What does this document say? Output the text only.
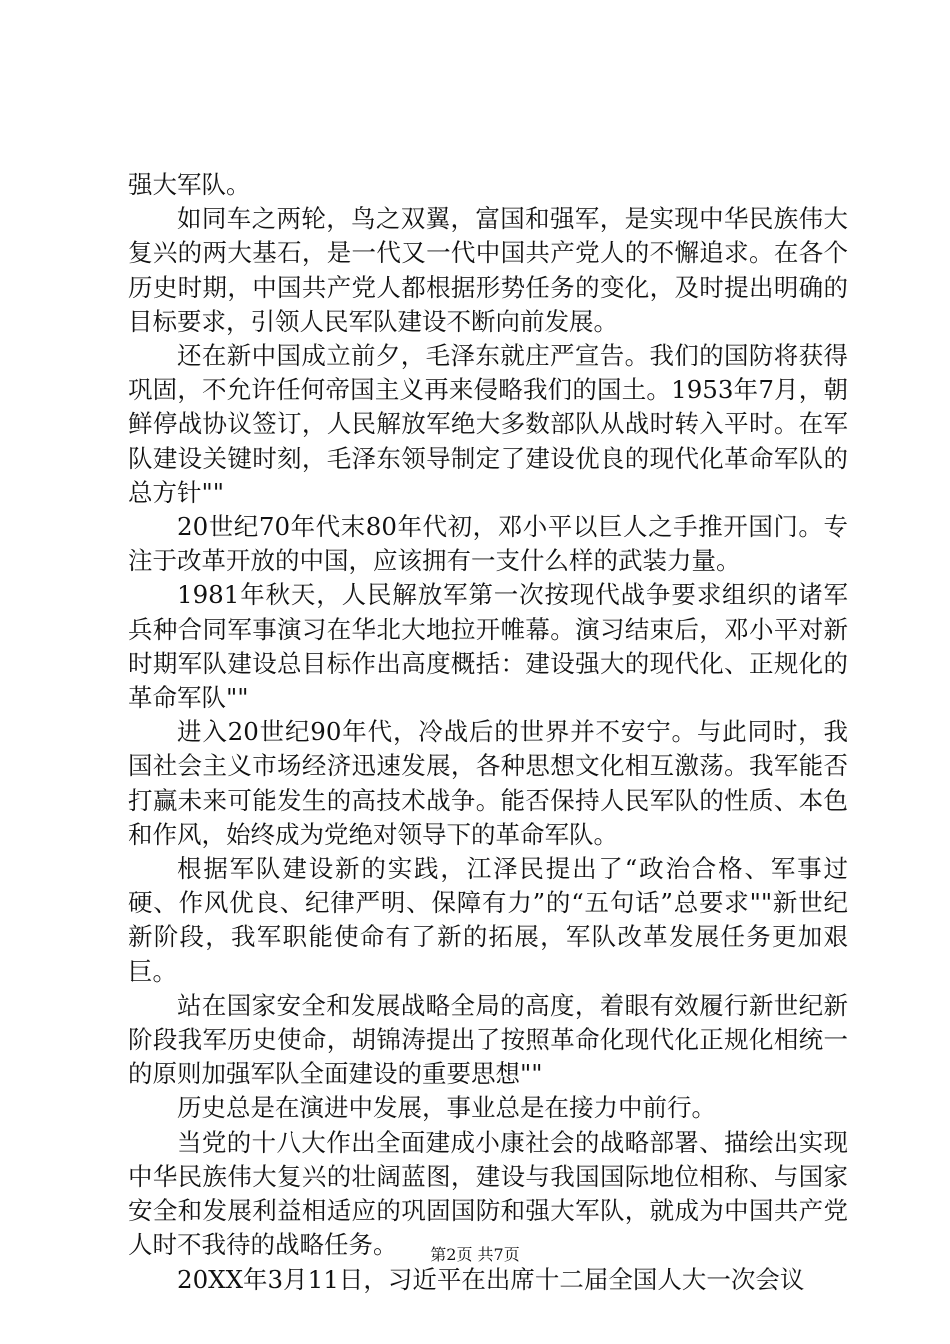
强大军队。

如同车之两轮，鸟之双翼，富国和强军，是实现中华民族伟大复兴的两大基石，是一代又一代中国共产党人的不懈追求。在各个历史时期，中国共产党人都根据形势任务的变化，及时提出明确的目标要求，引领人民军队建设不断向前发展。

还在新中国成立前夕，毛泽东就庄严宣告。我们的国防将获得巩固，不允许任何帝国主义再来侵略我们的国土。1953年7月，朝鲜停战协议签订，人民解放军绝大多数部队从战时转入平时。在军队建设关键时刻，毛泽东领导制定了建设优良的现代化革命军队的总方针""

20世纪70年代末80年代初，邓小平以巨人之手推开国门。专注于改革开放的中国，应该拥有一支什么样的武装力量。

1981年秋天，人民解放军第一次按现代战争要求组织的诸军兵种合同军事演习在华北大地拉开帷幕。演习结束后，邓小平对新时期军队建设总目标作出高度概括：建设强大的现代化、正规化的革命军队""

进入20世纪90年代，冷战后的世界并不安宁。与此同时，我国社会主义市场经济迅速发展，各种思想文化相互激荡。我军能否打赢未来可能发生的高技术战争。能否保持人民军队的性质、本色和作风，始终成为党绝对领导下的革命军队。

根据军队建设新的实践，江泽民提出了“政治合格、军事过硬、作风优良、纪律严明、保障有力”的“五句话”总要求""新世纪新阶段，我军职能使命有了新的拓展，军队改革发展任务更加艰巨。

站在国家安全和发展战略全局的高度，着眼有效履行新世纪新阶段我军历史使命，胡锦涛提出了按照革命化现代化正规化相统一的原则加强军队全面建设的重要思想""

历史总是在演进中发展，事业总是在接力中前行。

当党的十八大作出全面建成小康社会的战略部署、描绘出实现中华民族伟大复兴的壮阔蓝图，建设与我国国际地位相称、与国家安全和发展利益相适应的巩固国防和强大军队，就成为中国共产党人时不我待的战略任务。

20XX年3月11日，习近平在出席十二届全国人大一次会议

第2页 共7页
